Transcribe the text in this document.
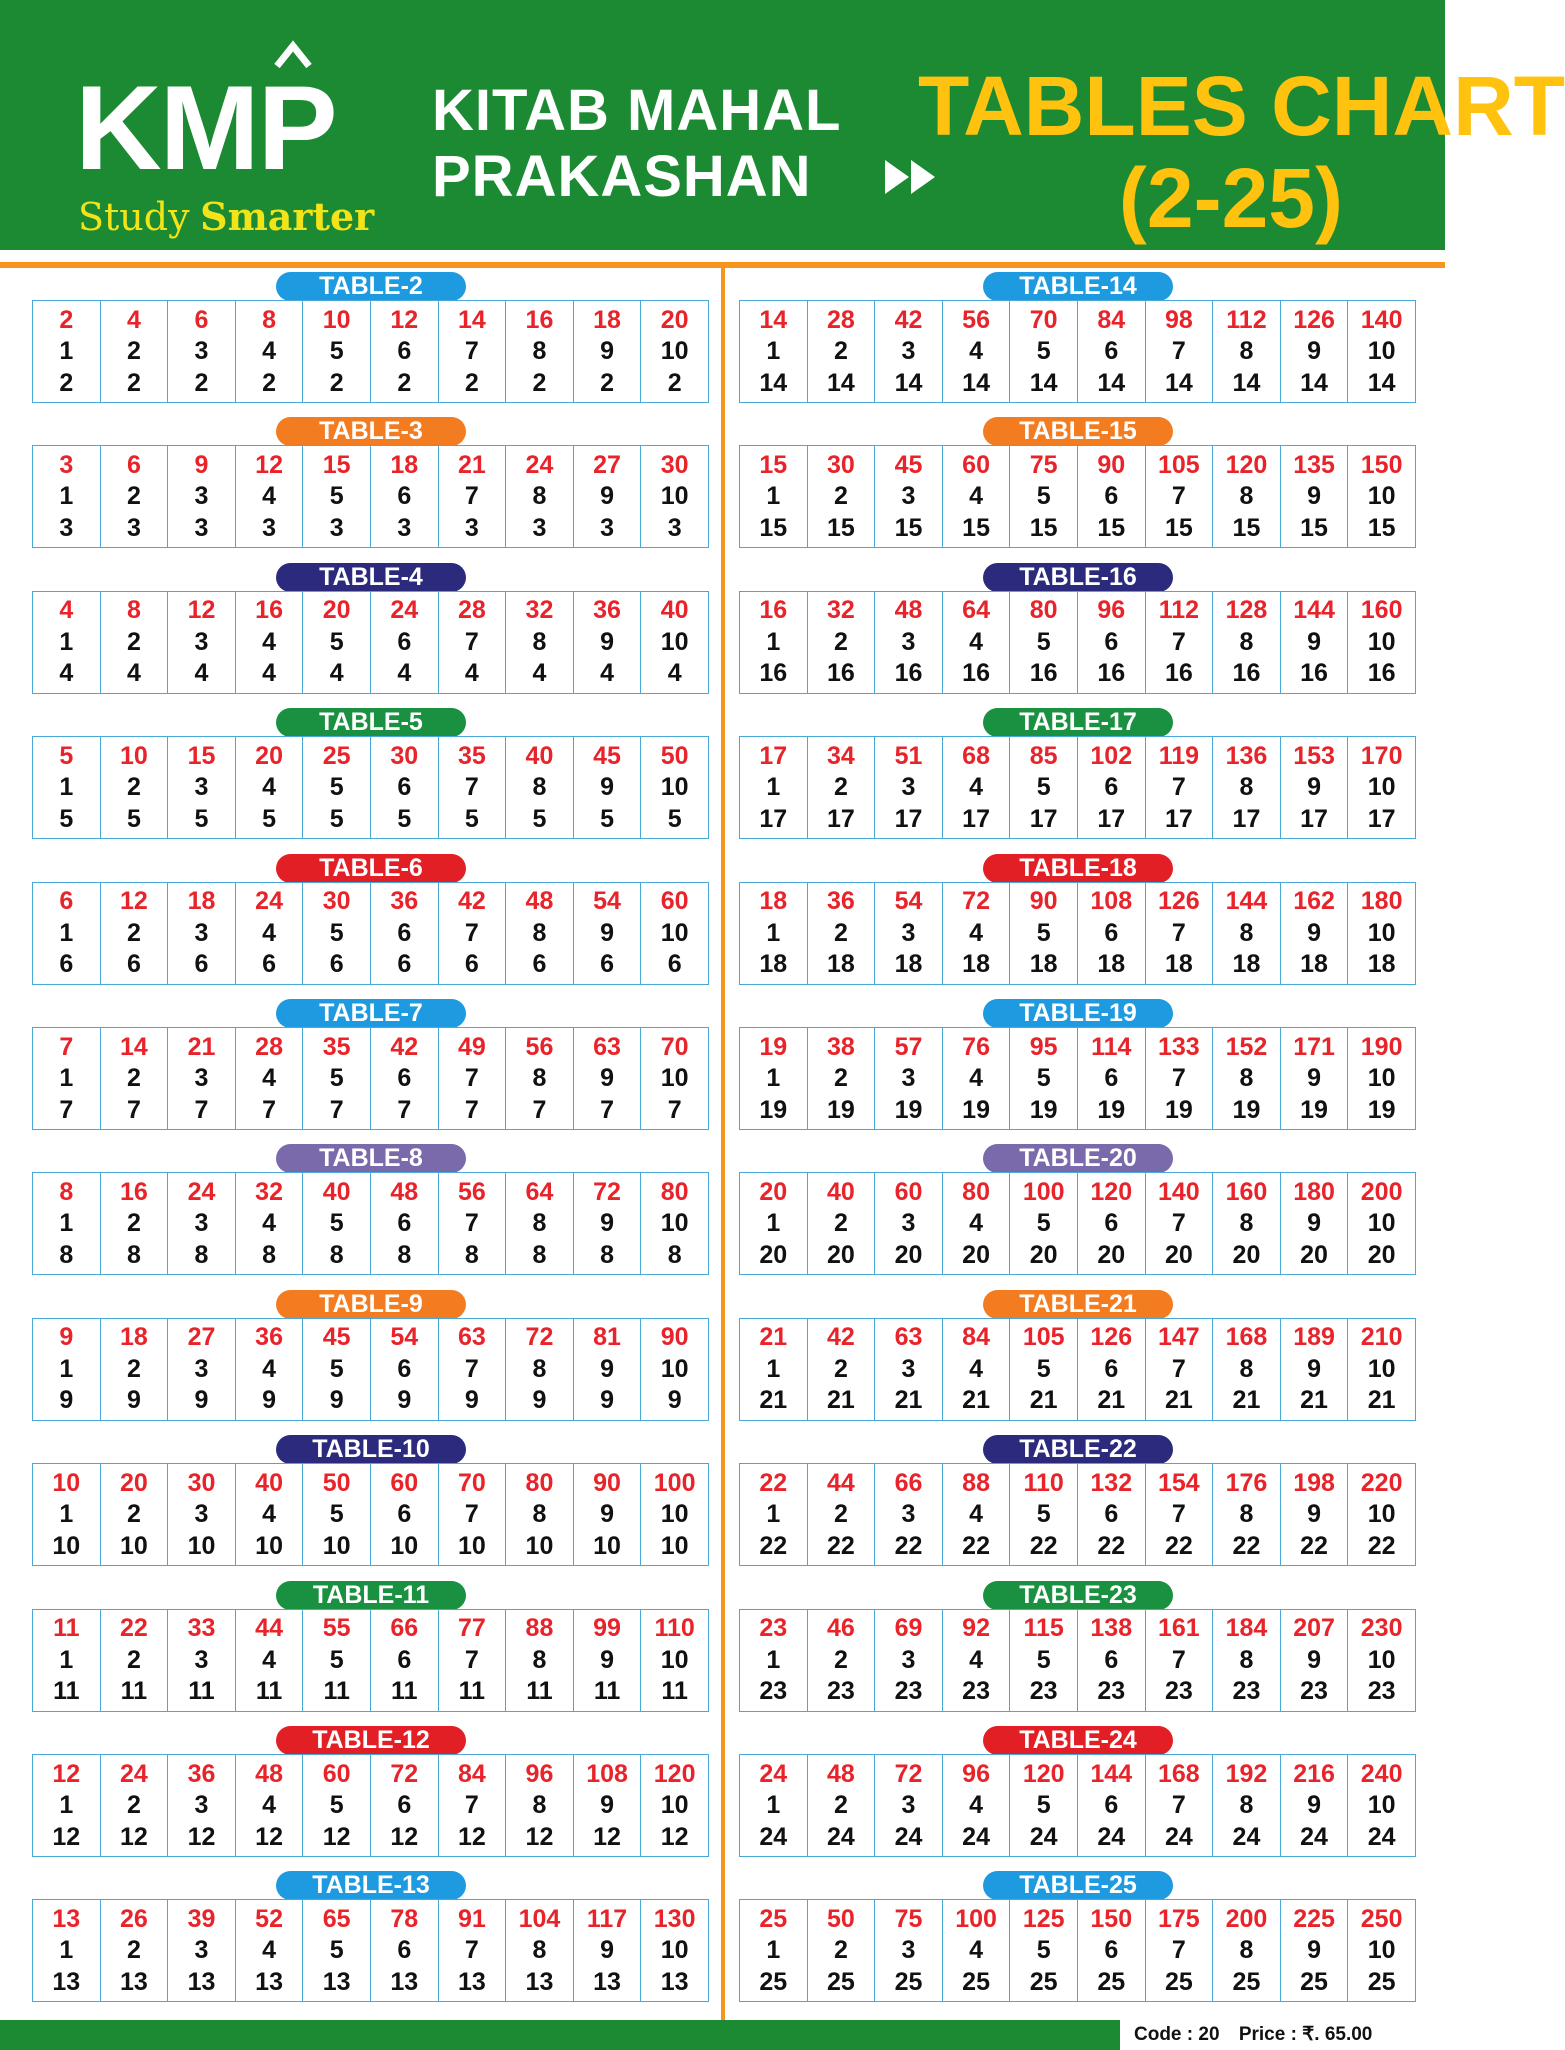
KMP
Study Smarter
KITAB MAHAL
PRAKASHAN
TABLES CHART
(2-25)
TABLE-2
2
1
2
4
2
2
6
3
2
8
4
2
10
5
2
12
6
2
14
7
2
16
8
2
18
9
2
20
10
2
TABLE-3
3
1
3
6
2
3
9
3
3
12
4
3
15
5
3
18
6
3
21
7
3
24
8
3
27
9
3
30
10
3
TABLE-4
4
1
4
8
2
4
12
3
4
16
4
4
20
5
4
24
6
4
28
7
4
32
8
4
36
9
4
40
10
4
TABLE-5
5
1
5
10
2
5
15
3
5
20
4
5
25
5
5
30
6
5
35
7
5
40
8
5
45
9
5
50
10
5
TABLE-6
6
1
6
12
2
6
18
3
6
24
4
6
30
5
6
36
6
6
42
7
6
48
8
6
54
9
6
60
10
6
TABLE-7
7
1
7
14
2
7
21
3
7
28
4
7
35
5
7
42
6
7
49
7
7
56
8
7
63
9
7
70
10
7
TABLE-8
8
1
8
16
2
8
24
3
8
32
4
8
40
5
8
48
6
8
56
7
8
64
8
8
72
9
8
80
10
8
TABLE-9
9
1
9
18
2
9
27
3
9
36
4
9
45
5
9
54
6
9
63
7
9
72
8
9
81
9
9
90
10
9
TABLE-10
10
1
10
20
2
10
30
3
10
40
4
10
50
5
10
60
6
10
70
7
10
80
8
10
90
9
10
100
10
10
TABLE-11
11
1
11
22
2
11
33
3
11
44
4
11
55
5
11
66
6
11
77
7
11
88
8
11
99
9
11
110
10
11
TABLE-12
12
1
12
24
2
12
36
3
12
48
4
12
60
5
12
72
6
12
84
7
12
96
8
12
108
9
12
120
10
12
TABLE-13
13
1
13
26
2
13
39
3
13
52
4
13
65
5
13
78
6
13
91
7
13
104
8
13
117
9
13
130
10
13
TABLE-14
14
1
14
28
2
14
42
3
14
56
4
14
70
5
14
84
6
14
98
7
14
112
8
14
126
9
14
140
10
14
TABLE-15
15
1
15
30
2
15
45
3
15
60
4
15
75
5
15
90
6
15
105
7
15
120
8
15
135
9
15
150
10
15
TABLE-16
16
1
16
32
2
16
48
3
16
64
4
16
80
5
16
96
6
16
112
7
16
128
8
16
144
9
16
160
10
16
TABLE-17
17
1
17
34
2
17
51
3
17
68
4
17
85
5
17
102
6
17
119
7
17
136
8
17
153
9
17
170
10
17
TABLE-18
18
1
18
36
2
18
54
3
18
72
4
18
90
5
18
108
6
18
126
7
18
144
8
18
162
9
18
180
10
18
TABLE-19
19
1
19
38
2
19
57
3
19
76
4
19
95
5
19
114
6
19
133
7
19
152
8
19
171
9
19
190
10
19
TABLE-20
20
1
20
40
2
20
60
3
20
80
4
20
100
5
20
120
6
20
140
7
20
160
8
20
180
9
20
200
10
20
TABLE-21
21
1
21
42
2
21
63
3
21
84
4
21
105
5
21
126
6
21
147
7
21
168
8
21
189
9
21
210
10
21
TABLE-22
22
1
22
44
2
22
66
3
22
88
4
22
110
5
22
132
6
22
154
7
22
176
8
22
198
9
22
220
10
22
TABLE-23
23
1
23
46
2
23
69
3
23
92
4
23
115
5
23
138
6
23
161
7
23
184
8
23
207
9
23
230
10
23
TABLE-24
24
1
24
48
2
24
72
3
24
96
4
24
120
5
24
144
6
24
168
7
24
192
8
24
216
9
24
240
10
24
TABLE-25
25
1
25
50
2
25
75
3
25
100
4
25
125
5
25
150
6
25
175
7
25
200
8
25
225
9
25
250
10
25
Code : 20 Price : ₹. 65.00
